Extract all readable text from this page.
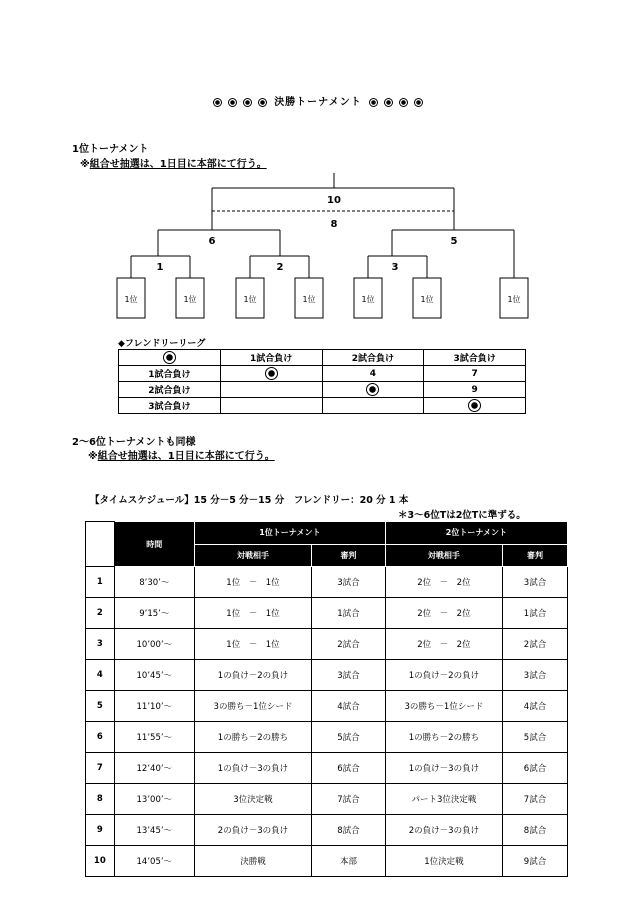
決勝トーナメント
1位トーナメント
※組合せ抽選は、1日目に本部にて行う。
10
8
6	5
1	2	3
1位	1位	1位	1位	1位	1位	1位
◆フレンドリーリーグ
	1試合負け	2試合負け	3試合負け
1試合負け		4	7
2試合負け			9
3試合負け			
2～6位トーナメントも同様
※組合せ抽選は、1日目に本部にて行う。
【タイムスケジュール】15 分－5 分－15 分　フレンドリー：20 分 1 本
＊3～6位Tは2位Tに準ずる。
	時間	1位トーナメント		2位トーナメント	
		対戦相手	審判	対戦相手	審判
1	8’30’～	1位　－　1位	3試合	2位　－　2位	3試合
2	9’15’～	1位　－　1位	1試合	2位　－　2位	1試合
3	10’00’～	1位　－　1位	2試合	2位　－　2位	2試合
4	10’45’～	1の負け－2の負け	3試合	1の負け－2の負け	3試合
5	11’10’～	3の勝ち－1位シード	4試合	3の勝ち－1位シード	4試合
6	11’55’～	1の勝ち－2の勝ち	5試合	1の勝ち－2の勝ち	5試合
7	12’40’～	1の負け－3の負け	6試合	1の負け－3の負け	6試合
8	13’00’～	3位決定戦	7試合	パート3位決定戦	7試合
9	13’45’～	2の負け－3の負け	8試合	2の負け－3の負け	8試合
10	14’05’～	決勝戦	本部	1位決定戦	9試合
